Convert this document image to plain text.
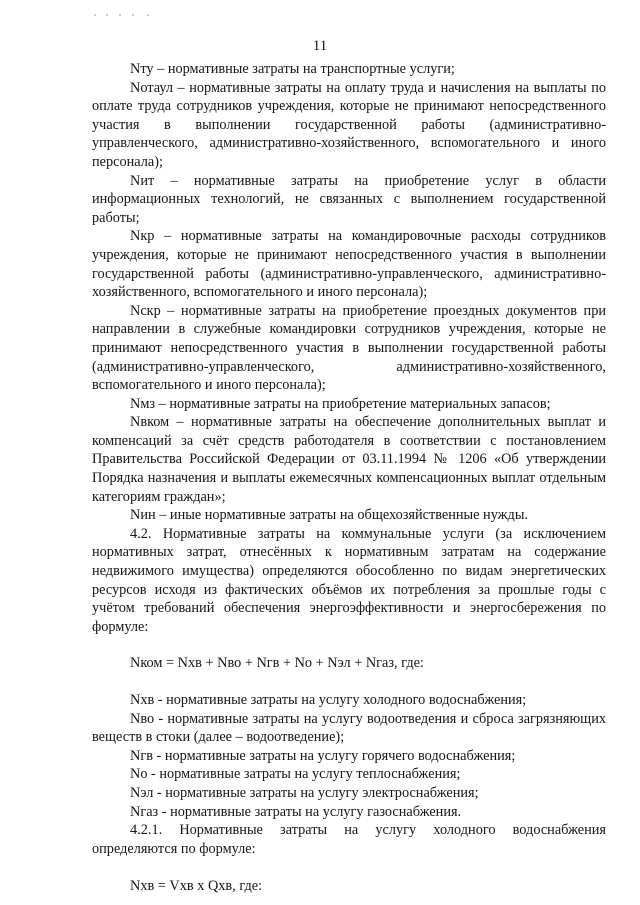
11

Nту – нормативные затраты на транспортные услуги;

Nотаул – нормативные затраты на оплату труда и начисления на выплаты по оплате труда сотрудников учреждения, которые не принимают непосредственного участия в выполнении государственной работы (административно-управленческого, административно-хозяйственного, вспомогательного и иного персонала);

Nит – нормативные затраты на приобретение услуг в области информационных технологий, не связанных с выполнением государственной работы;

Nкр – нормативные затраты на командировочные расходы сотрудников учреждения, которые не принимают непосредственного участия в выполнении государственной работы (административно-управленческого, административно-хозяйственного, вспомогательного и иного персонала);

Nскр – нормативные затраты на приобретение проездных документов при направлении в служебные командировки сотрудников учреждения, которые не принимают непосредственного участия в выполнении государственной работы (административно-управленческого, административно-хозяйственного, вспомогательного и иного персонала);

Nмз – нормативные затраты на приобретение материальных запасов;

Nвком – нормативные затраты на обеспечение дополнительных выплат и компенсаций за счёт средств работодателя в соответствии с постановлением Правительства Российской Федерации от 03.11.1994 № 1206 «Об утверждении Порядка назначения и выплаты ежемесячных компенсационных выплат отдельным категориям граждан»;

Nин – иные нормативные затраты на общехозяйственные нужды.

4.2. Нормативные затраты на коммунальные услуги (за исключением нормативных затрат, отнесённых к нормативным затратам на содержание недвижимого имущества) определяются обособленно по видам энергетических ресурсов исходя из фактических объёмов их потребления за прошлые годы с учётом требований обеспечения энергоэффективности и энергосбережения по формуле:

Nком = Nхв + Nво + Nгв + Nо + Nэл + Nгаз, где:

Nхв - нормативные затраты на услугу холодного водоснабжения;

Nво - нормативные затраты на услугу водоотведения и сброса загрязняющих веществ в стоки (далее – водоотведение);

Nгв - нормативные затраты на услугу горячего водоснабжения;

Nо - нормативные затраты на услугу теплоснабжения;

Nэл - нормативные затраты на услугу электроснабжения;

Nгаз - нормативные затраты на услугу газоснабжения.

4.2.1. Нормативные затраты на услугу холодного водоснабжения определяются по формуле:

Nхв = Vхв х Qхв, где:
